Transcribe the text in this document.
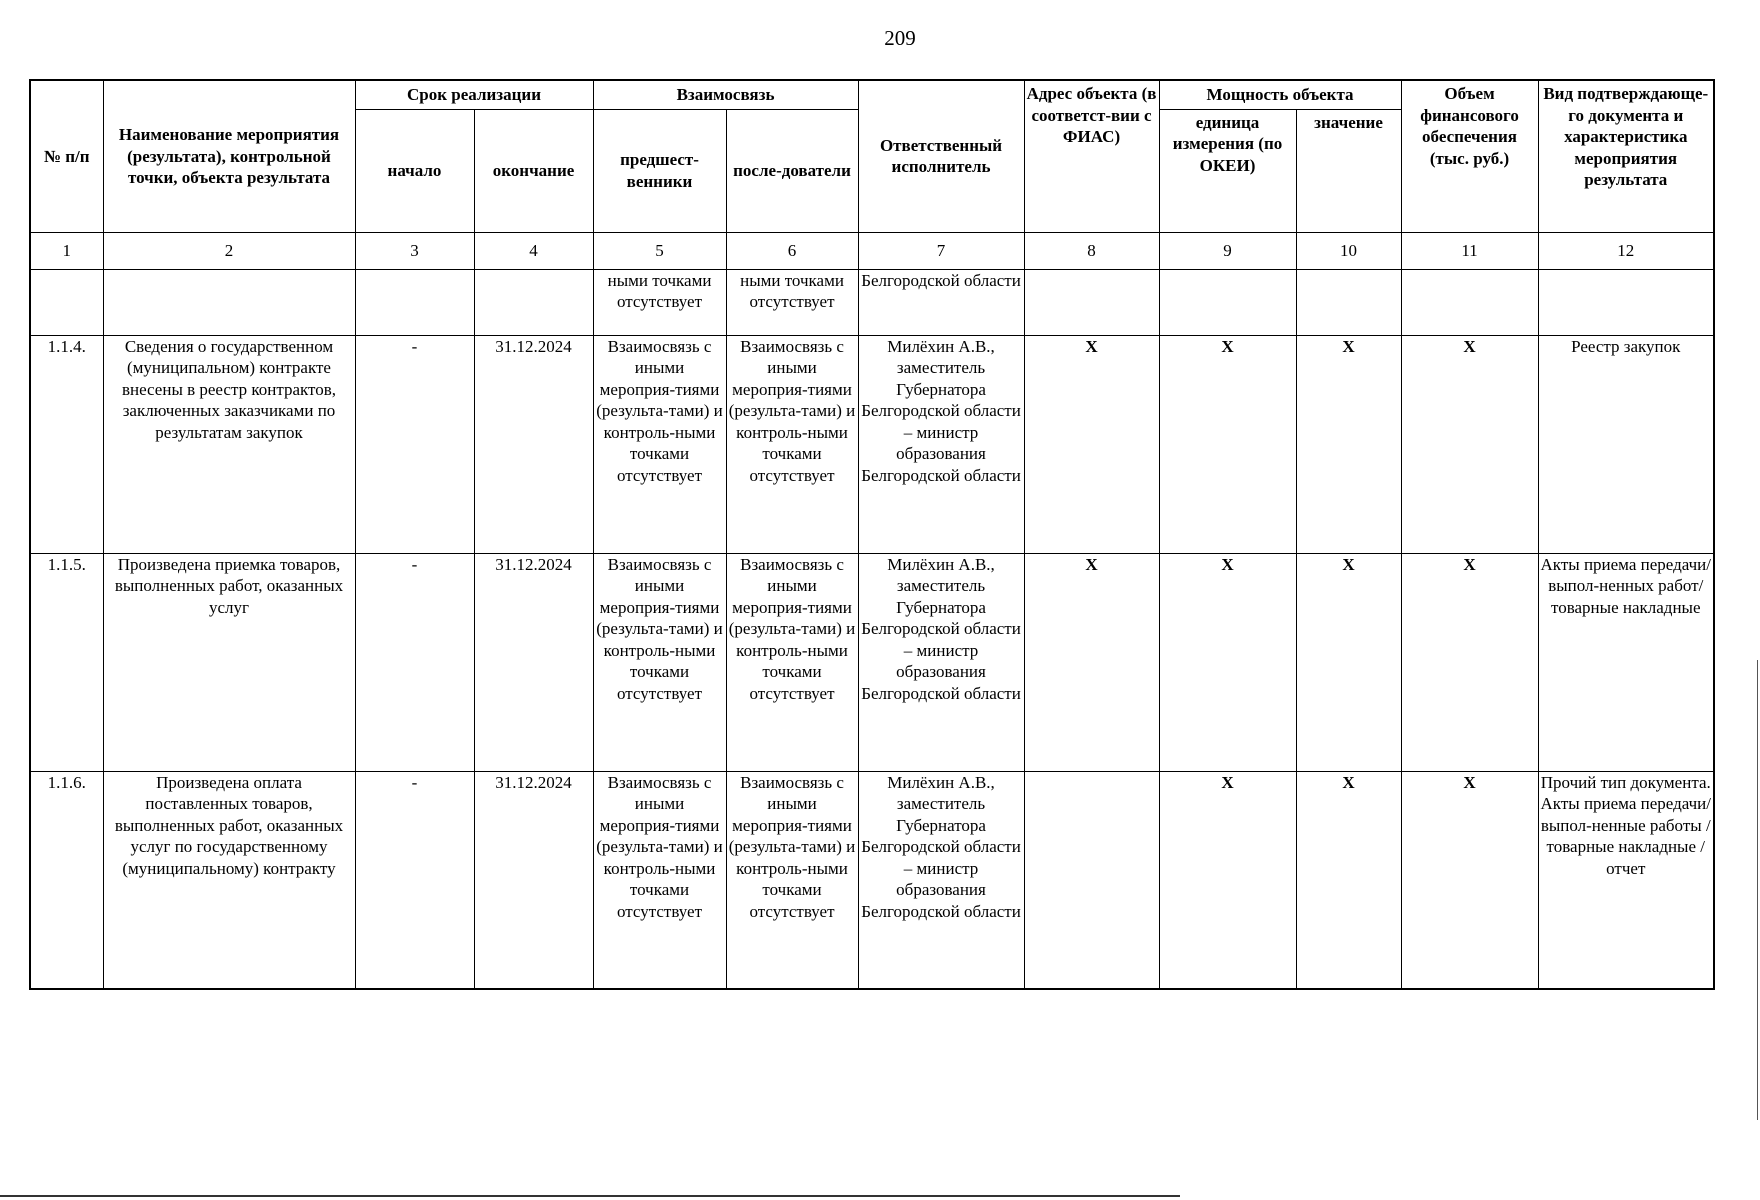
209
№ п/п	Наименование мероприятия (результата), контрольной точки, объекта результата	Срок реализации		Взаимосвязь		Ответственный исполнитель	Адрес объекта (в соответст-вии с ФИАС)	Мощность объекта		Объем финансового обеспечения (тыс. руб.)	Вид подтверждающе-го документа и характеристика мероприятия результата
		начало	окончание	предшест-венники	после-дователи			единица измерения (по ОКЕИ)	значение		
1	2	3	4	5	6	7	8	9	10	11	12
				ными точками отсутствует	ными точками отсутствует	Белгородской области					
1.1.4.	Сведения о государственном (муниципальном) контракте внесены в реестр контрактов, заключенных заказчиками по результатам закупок	-	31.12.2024	Взаимосвязь с иными мероприя-тиями (результа-тами) и контроль-ными точками отсутствует	Взаимосвязь с иными мероприя-тиями (результа-тами) и контроль-ными точками отсутствует	Милёхин А.В., заместитель Губернатора Белгородской области – министр образования Белгородской области	X	X	X	X	Реестр закупок
1.1.5.	Произведена приемка товаров, выполненных работ, оказанных услуг	-	31.12.2024	Взаимосвязь с иными мероприя-тиями (результа-тами) и контроль-ными точками отсутствует	Взаимосвязь с иными мероприя-тиями (результа-тами) и контроль-ными точками отсутствует	Милёхин А.В., заместитель Губернатора Белгородской области – министр образования Белгородской области	X	X	X	X	Акты приема передачи/выпол-ненных работ/товарные накладные
1.1.6.	Произведена оплата поставленных товаров, выполненных работ, оказанных услуг по государственному (муниципальному) контракту	-	31.12.2024	Взаимосвязь с иными мероприя-тиями (результа-тами) и контроль-ными точками отсутствует	Взаимосвязь с иными мероприя-тиями (результа-тами) и контроль-ными точками отсутствует	Милёхин А.В., заместитель Губернатора Белгородской области – министр образования Белгородской области		X	X	X	Прочий тип документа. Акты приема передачи/выпол-ненные работы /товарные накладные /отчет
